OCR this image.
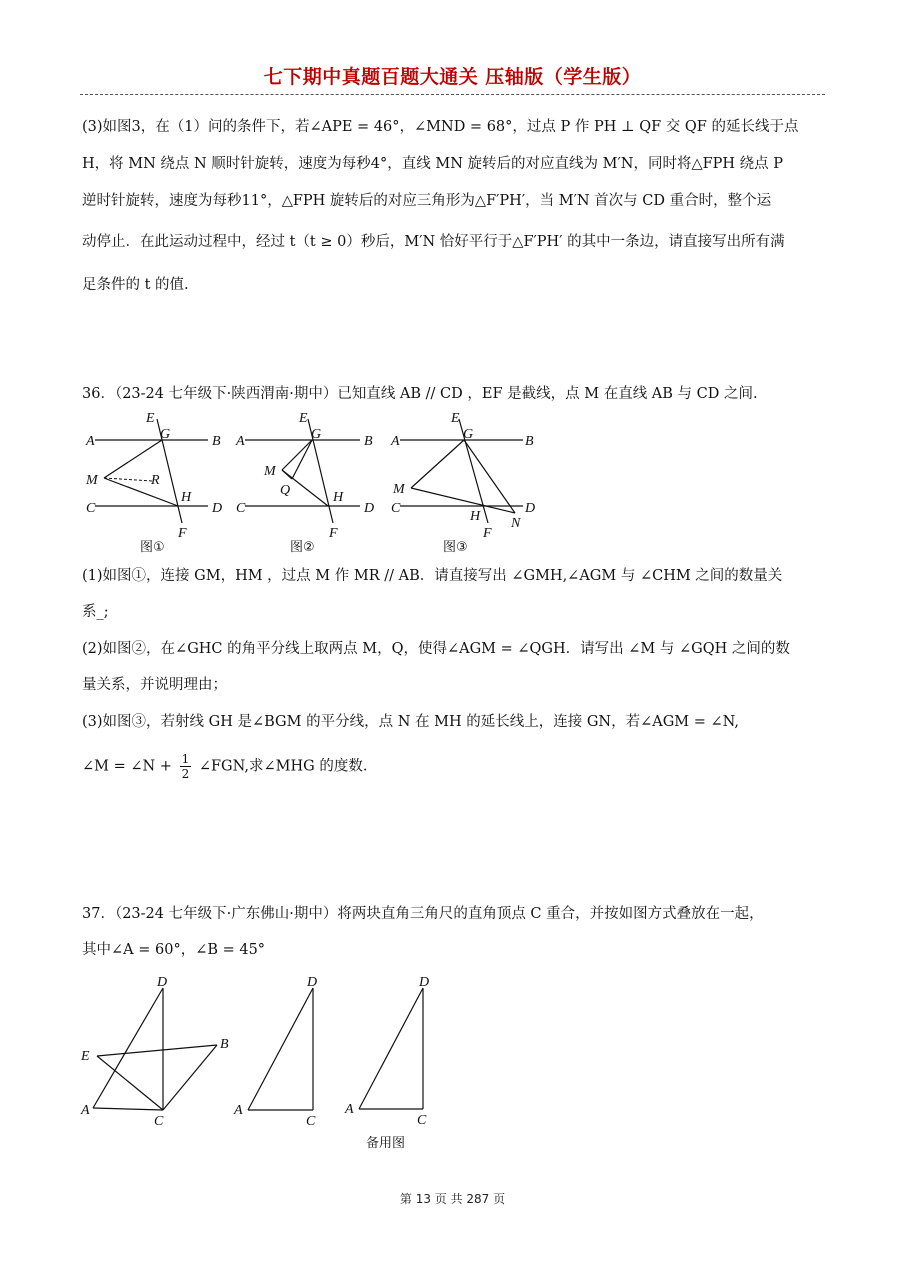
七下期中真题百题大通关 压轴版（学生版）
(3)如图3，在（1）问的条件下，若∠APE = 46°，∠MND = 68°，过点 P 作 PH ⊥ QF 交 QF 的延长线于点
H，将 MN 绕点 N 顺时针旋转，速度为每秒4°，直线 MN 旋转后的对应直线为 M′N，同时将△FPH 绕点 P
逆时针旋转，速度为每秒11°，△FPH 旋转后的对应三角形为△F′PH′，当 M′N 首次与 CD 重合时，整个运
动停止．在此运动过程中，经过 t（t ≥ 0）秒后，M′N 恰好平行于△F′PH′ 的其中一条边，请直接写出所有满
足条件的 t 的值.
36．（23-24 七年级下·陕西渭南·期中）已知直线 AB // CD ，EF 是截线，点 M 在直线 AB 与 CD 之间.
A	B
E
G
M	R
H
C	D
F
图①
A	B
E
G
M
Q	H
C	D
F
图②
A	B
E
G
M
C	D
H N
F
图③
(1)如图①，连接 GM，HM ，过点 M 作 MR // AB．请直接写出 ∠GMH,∠AGM 与 ∠CHM 之间的数量关
系_;
(2)如图②，在∠GHC 的角平分线上取两点 M，Q，使得∠AGM = ∠QGH．请写出 ∠M 与 ∠GQH 之间的数
量关系，并说明理由；
(3)如图③，若射线 GH 是∠BGM 的平分线，点 N 在 MH 的延长线上，连接 GN，若∠AGM = ∠N,
∠M = ∠N + $\frac{1}{2}$ ∠FGN,求∠MHG 的度数.
37．（23-24 七年级下·广东佛山·期中）将两块直角三角尺的直角顶点 C 重合，并按如图方式叠放在一起，
其中∠A = 60°，∠B = 45°
D
E
B
A
C
D
A
C
D
A
C
备用图
第 13 页 共 287 页
